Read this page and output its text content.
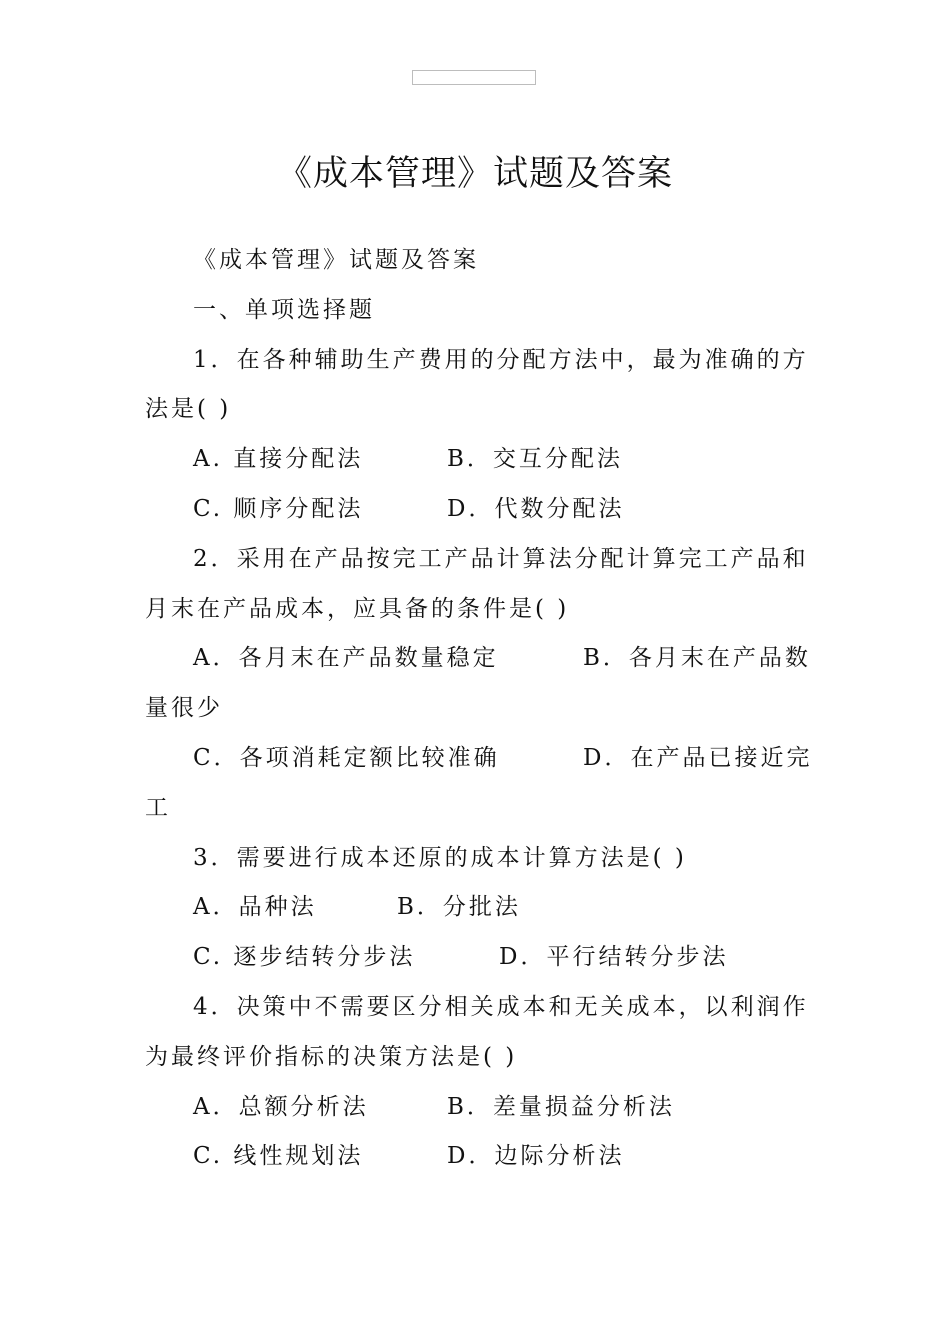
《成本管理》试题及答案
《成本管理》试题及答案
一、单项选择题
1．在各种辅助生产费用的分配方法中，最为准确的方
法是( )
A. 直接分配法	B．交互分配法
C. 顺序分配法	D．代数分配法
2．采用在产品按完工产品计算法分配计算完工产品和
月末在产品成本，应具备的条件是( )
A．各月末在产品数量稳定	B．各月末在产品数
量很少
C．各项消耗定额比较准确	D．在产品已接近完
工
3．需要进行成本还原的成本计算方法是( )
A．品种法	B．分批法
C. 逐步结转分步法	D．平行结转分步法
4．决策中不需要区分相关成本和无关成本，以利润作
为最终评价指标的决策方法是( )
A．总额分析法	B．差量损益分析法
C. 线性规划法	D．边际分析法
